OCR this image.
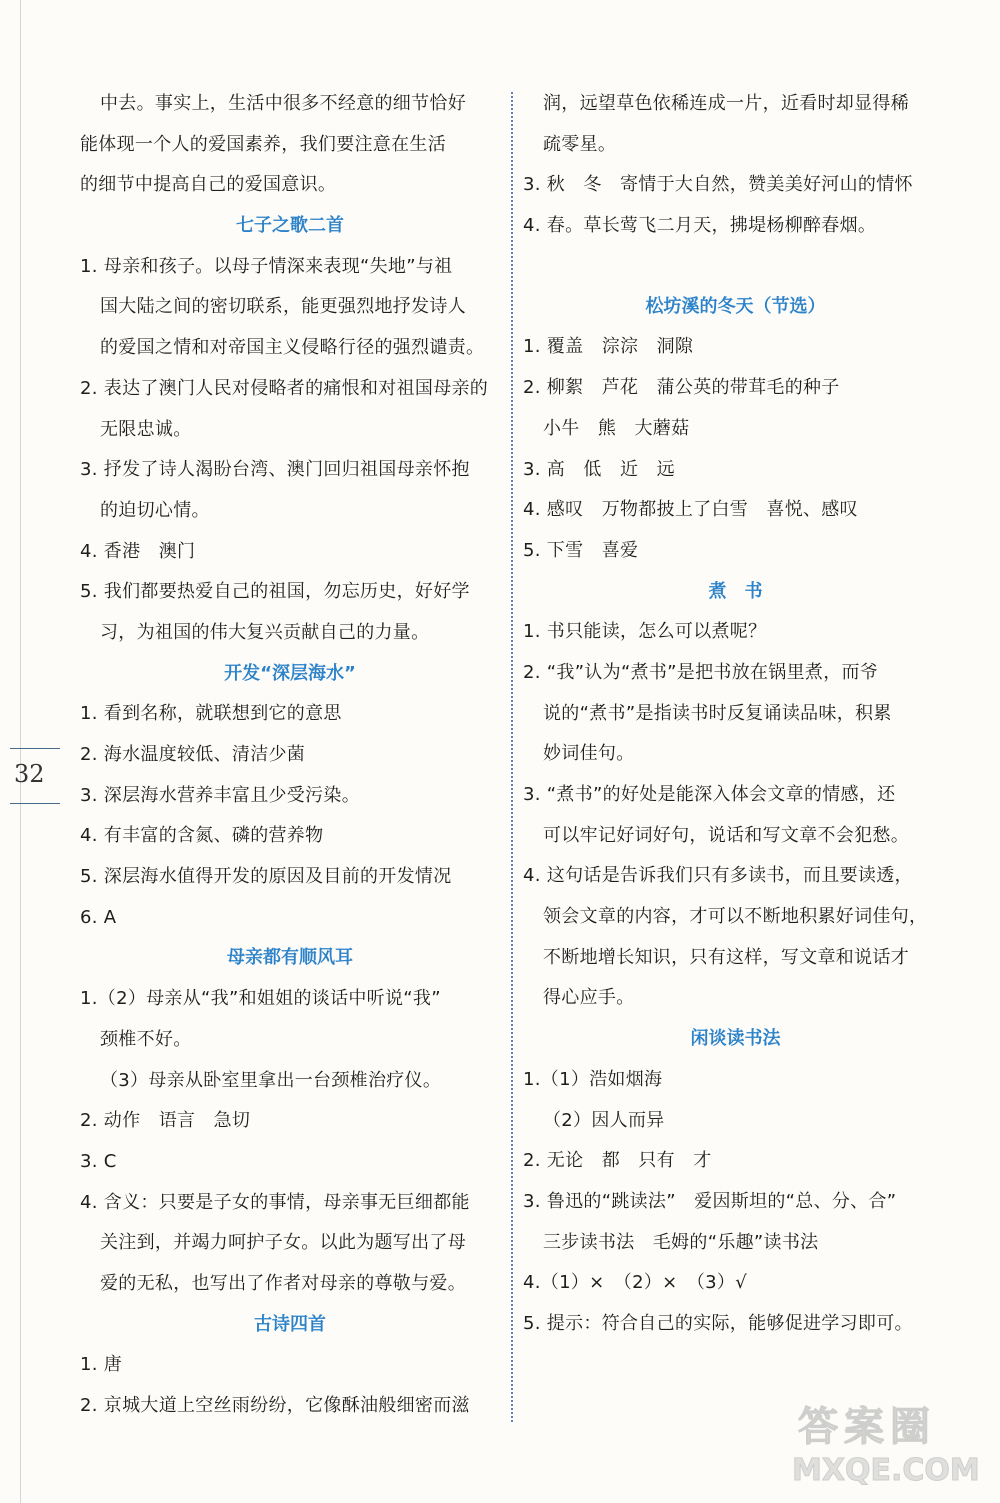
32
中去。事实上，生活中很多不经意的细节恰好
能体现一个人的爱国素养，我们要注意在生活
的细节中提高自己的爱国意识。
七子之歌二首
1. 母亲和孩子。以母子情深来表现“失地”与祖
国大陆之间的密切联系，能更强烈地抒发诗人
的爱国之情和对帝国主义侵略行径的强烈谴责。
2. 表达了澳门人民对侵略者的痛恨和对祖国母亲的
无限忠诚。
3. 抒发了诗人渴盼台湾、澳门回归祖国母亲怀抱
的迫切心情。
4. 香港　澳门
5. 我们都要热爱自己的祖国，勿忘历史，好好学
习，为祖国的伟大复兴贡献自己的力量。
开发“深层海水”
1. 看到名称，就联想到它的意思
2. 海水温度较低、清洁少菌
3. 深层海水营养丰富且少受污染。
4. 有丰富的含氮、磷的营养物
5. 深层海水值得开发的原因及目前的开发情况
6. A
母亲都有顺风耳
1.（2）母亲从“我”和姐姐的谈话中听说“我”
颈椎不好。
（3）母亲从卧室里拿出一台颈椎治疗仪。
2. 动作　语言　急切
3. C
4. 含义：只要是子女的事情，母亲事无巨细都能
关注到，并竭力呵护子女。以此为题写出了母
爱的无私，也写出了作者对母亲的尊敬与爱。
古诗四首
1. 唐
2. 京城大道上空丝雨纷纷，它像酥油般细密而滋
润，远望草色依稀连成一片，近看时却显得稀
疏零星。
3. 秋　冬　寄情于大自然，赞美美好河山的情怀
4. 春。草长莺飞二月天，拂堤杨柳醉春烟。
松坊溪的冬天（节选）
1. 覆盖　淙淙　洞隙
2. 柳絮　芦花　蒲公英的带茸毛的种子
小牛　熊　大蘑菇
3. 高　低　近　远
4. 感叹　万物都披上了白雪　喜悦、感叹
5. 下雪　喜爱
煮　书
1. 书只能读，怎么可以煮呢？
2. “我”认为“煮书”是把书放在锅里煮，而爷
说的“煮书”是指读书时反复诵读品味，积累
妙词佳句。
3. “煮书”的好处是能深入体会文章的情感，还
可以牢记好词好句，说话和写文章不会犯愁。
4. 这句话是告诉我们只有多读书，而且要读透，
领会文章的内容，才可以不断地积累好词佳句，
不断地增长知识，只有这样，写文章和说话才
得心应手。
闲谈读书法
1.（1）浩如烟海
（2）因人而异
2. 无论　都　只有　才
3. 鲁迅的“跳读法”　爱因斯坦的“总、分、合”
三步读书法　毛姆的“乐趣”读书法
4.（1）×　（2）×　（3）√
5. 提示：符合自己的实际，能够促进学习即可。
答案圈
MXQE.COM
